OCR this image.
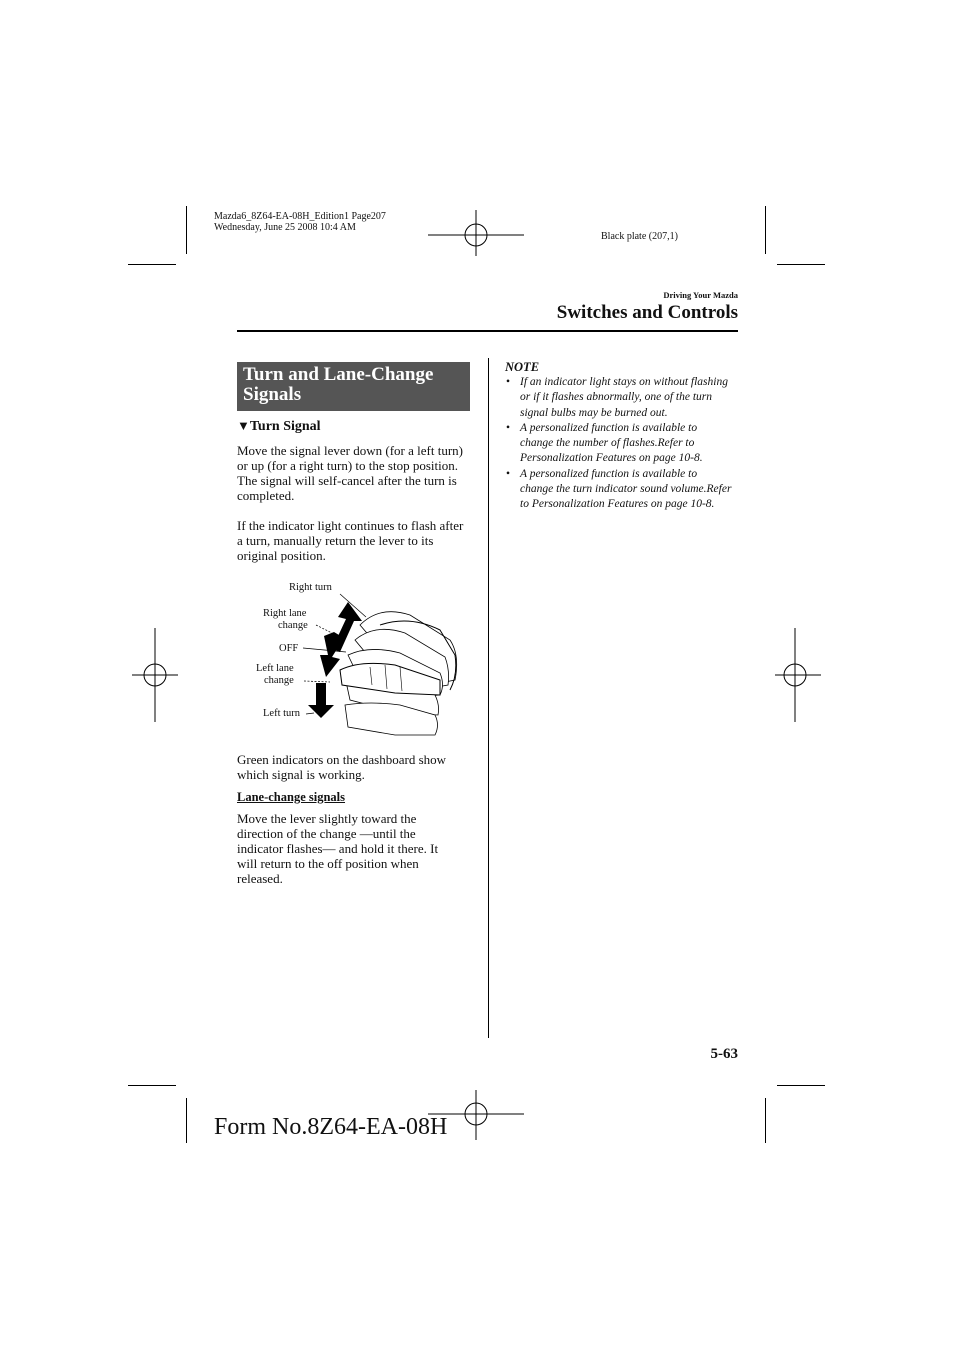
Mazda6_8Z64-EA-08H_Edition1 Page207
Wednesday, June 25 2008 10:4 AM
Black plate (207,1)
Driving Your Mazda
Switches and Controls
Turn and Lane-Change
Signals
▼Turn Signal
Move the signal lever down (for a left turn) or up (for a right turn) to the stop position. The signal will self-cancel after the turn is completed.
If the indicator light continues to flash after a turn, manually return the lever to its original position.
Right turn
Right lane
change
OFF
Left lane
change
Left turn
Green indicators on the dashboard show which signal is working.
Lane-change signals
Move the lever slightly toward the direction of the change ―until the indicator flashes― and hold it there. It will return to the off position when released.
NOTE
• If an indicator light stays on without flashing or if it flashes abnormally, one of the turn signal bulbs may be burned out.
• A personalized function is available to change the number of flashes.Refer to Personalization Features on page 10-8.
• A personalized function is available to change the turn indicator sound volume.Refer to Personalization Features on page 10-8.
5-63
Form No.8Z64-EA-08H
